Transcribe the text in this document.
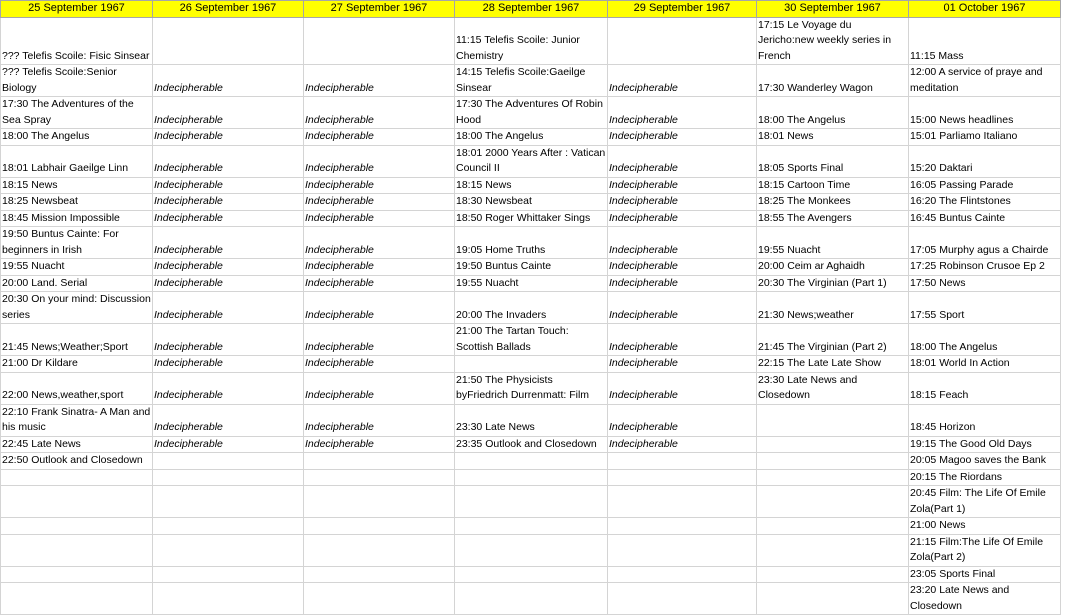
25 September 1967	26 September 1967	27 September 1967	28 September 1967	29 September 1967	30 September 1967	01 October 1967
??? Telefis Scoile: Fisic Sinsear			11:15 Telefis Scoile: Junior Chemistry		17:15 Le Voyage du Jericho:new weekly series in French	11:15 Mass
??? Telefis Scoile:Senior Biology	Indecipherable	Indecipherable	14:15 Telefis Scoile:Gaeilge Sinsear	Indecipherable	17:30 Wanderley Wagon	12:00 A service of praye and meditation
17:30 The Adventures of the Sea Spray	Indecipherable	Indecipherable	17:30 The Adventures Of Robin Hood	Indecipherable	18:00 The Angelus	15:00 News headlines
18:00 The Angelus	Indecipherable	Indecipherable	18:00 The Angelus	Indecipherable	18:01 News	15:01 Parliamo Italiano
18:01 Labhair Gaeilge Linn	Indecipherable	Indecipherable	18:01 2000 Years After : Vatican Council II	Indecipherable	18:05 Sports Final	15:20 Daktari
18:15 News	Indecipherable	Indecipherable	18:15 News	Indecipherable	18:15 Cartoon Time	16:05 Passing Parade
18:25 Newsbeat	Indecipherable	Indecipherable	18:30 Newsbeat	Indecipherable	18:25 The Monkees	16:20 The Flintstones
18:45 Mission Impossible	Indecipherable	Indecipherable	18:50 Roger Whittaker Sings	Indecipherable	18:55 The Avengers	16:45 Buntus Cainte
19:50 Buntus Cainte: For beginners in Irish	Indecipherable	Indecipherable	19:05 Home Truths	Indecipherable	19:55 Nuacht	17:05 Murphy agus a Chairde
19:55 Nuacht	Indecipherable	Indecipherable	19:50 Buntus Cainte	Indecipherable	20:00 Ceim ar Aghaidh	17:25 Robinson Crusoe Ep 2
20:00 Land. Serial	Indecipherable	Indecipherable	19:55 Nuacht	Indecipherable	20:30 The Virginian (Part 1)	17:50 News
20:30 On your mind: Discussion series	Indecipherable	Indecipherable	20:00 The Invaders	Indecipherable	21:30 News;weather	17:55 Sport
21:45 News;Weather;Sport	Indecipherable	Indecipherable	21:00 The Tartan Touch: Scottish Ballads	Indecipherable	21:45 The Virginian (Part 2)	18:00 The Angelus
21:00 Dr Kildare	Indecipherable	Indecipherable		Indecipherable	22:15 The Late Late Show	18:01 World In Action
22:00 News,weather,sport	Indecipherable	Indecipherable	21:50 The Physicists byFriedrich Durrenmatt: Film	Indecipherable	23:30 Late News and Closedown	18:15 Feach
22:10 Frank Sinatra- A Man and his music	Indecipherable	Indecipherable	23:30 Late News	Indecipherable		18:45 Horizon
22:45 Late News	Indecipherable	Indecipherable	23:35 Outlook and Closedown	Indecipherable		19:15 The Good Old Days
22:50 Outlook and Closedown						20:05 Magoo saves the Bank
						20:15 The Riordans
						20:45 Film: The Life Of Emile Zola(Part 1)
						21:00 News
						21:15 Film:The Life Of Emile Zola(Part 2)
						23:05 Sports Final
						23:20 Late News and Closedown
